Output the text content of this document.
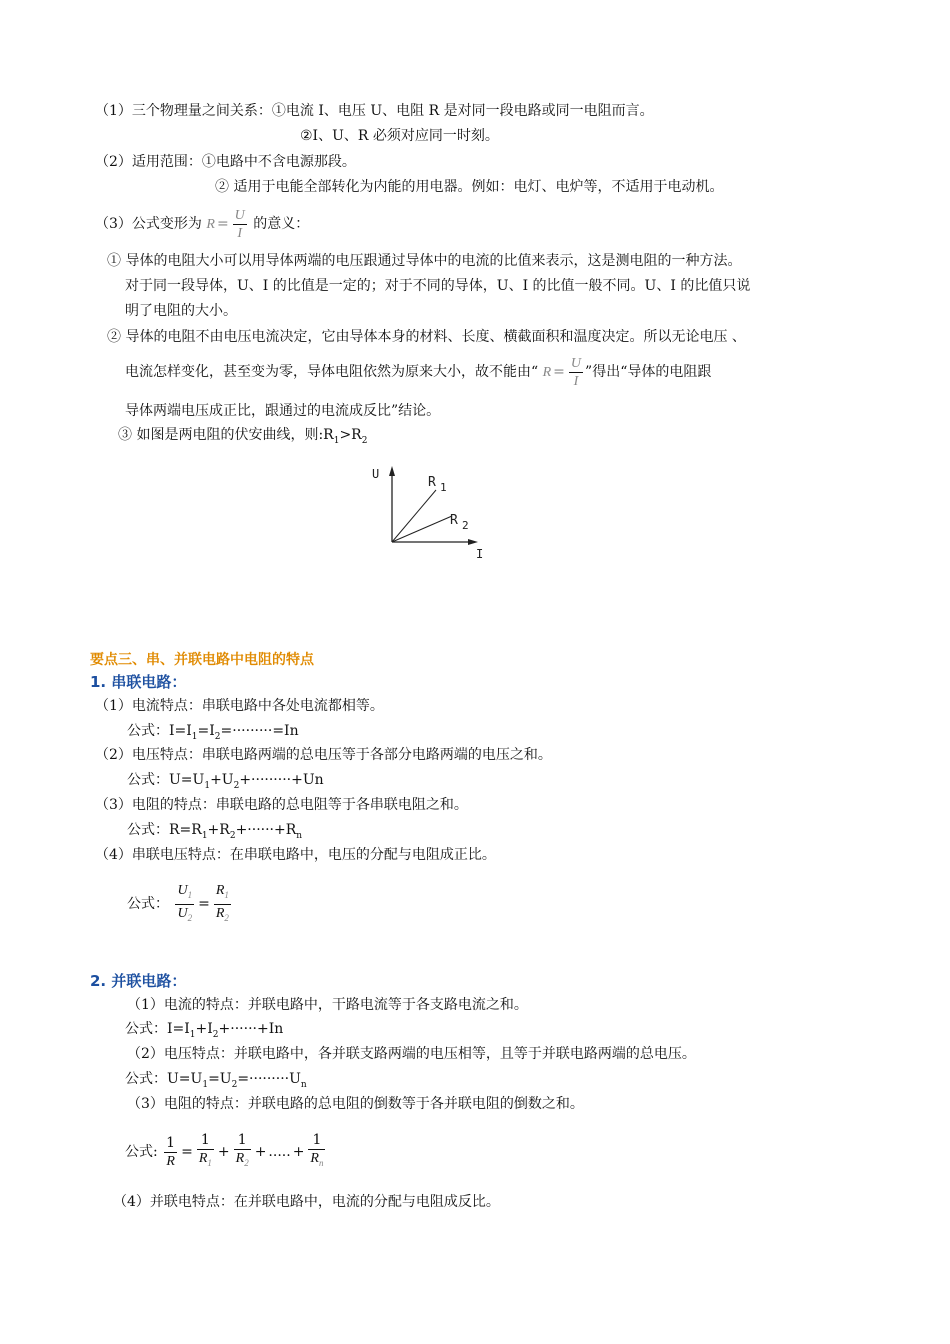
（1）三个物理量之间关系：①电流 I、电压 U、电阻 R 是对同一段电路或同一电阻而言。
②I、U、R 必须对应同一时刻。
（2）适用范围：①电路中不含电源那段。
② 适用于电能全部转化为内能的用电器。例如：电灯、电炉等，不适用于电动机。
（3）公式变形为 $R = \frac{U}{I}$ 的意义：
① 导体的电阻大小可以用导体两端的电压跟通过导体中的电流的比值来表示，这是测电阻的一种方法。
对于同一段导体，U、I 的比值是一定的；对于不同的导体，U、I 的比值一般不同。U、I 的比值只说
明了电阻的大小。
② 导体的电阻不由电压电流决定，它由导体本身的材料、长度、横截面积和温度决定。所以无论电压 、
电流怎样变化，甚至变为零，导体电阻依然为原来大小，故不能由“ $R = \frac{U}{I}$ ”得出“导体的电阻跟
导体两端电压成正比，跟通过的电流成反比”结论。
③ 如图是两电阻的伏安曲线，则$:R_1>R_2$
U
I
R 1
R 2
要点三、串、并联电路中电阻的特点
1. 串联电路：
（1）电流特点：串联电路中各处电流都相等。
公式：$I=I_1=I_2=\cdot\cdot\cdot\cdot\cdot\cdot\cdot\cdot\cdot=In$
（2）电压特点：串联电路两端的总电压等于各部分电路两端的电压之和。
公式：$U=U_1+U_2+\cdot\cdot\cdot\cdot\cdot\cdot\cdot\cdot\cdot+Un$
（3）电阻的特点：串联电路的总电阻等于各串联电阻之和。
公式：$R=R_1+R_2+\cdot\cdot\cdot\cdot\cdot\cdot+R_n$
（4）串联电压特点：在串联电路中，电压的分配与电阻成正比。
公式： $\frac{U_1}{U_2} = \frac{R_1}{R_2}$
2. 并联电路：
（1）电流的特点：并联电路中，干路电流等于各支路电流之和。
公式：$I=I_1+I_2+\cdot\cdot\cdot\cdot\cdot\cdot+In$
（2）电压特点：并联电路中，各并联支路两端的电压相等，且等于并联电路两端的总电压。
公式：$U=U_1=U_2=\cdot\cdot\cdot\cdot\cdot\cdot\cdot\cdot\cdot U_n$
（3）电阻的特点：并联电路的总电阻的倒数等于各并联电阻的倒数之和。
公式: $\frac{1}{R} = \frac{1}{R_1} + \frac{1}{R_2}$ + ..... + $\frac{1}{R_n}$
（4）并联电特点：在并联电路中，电流的分配与电阻成反比。
